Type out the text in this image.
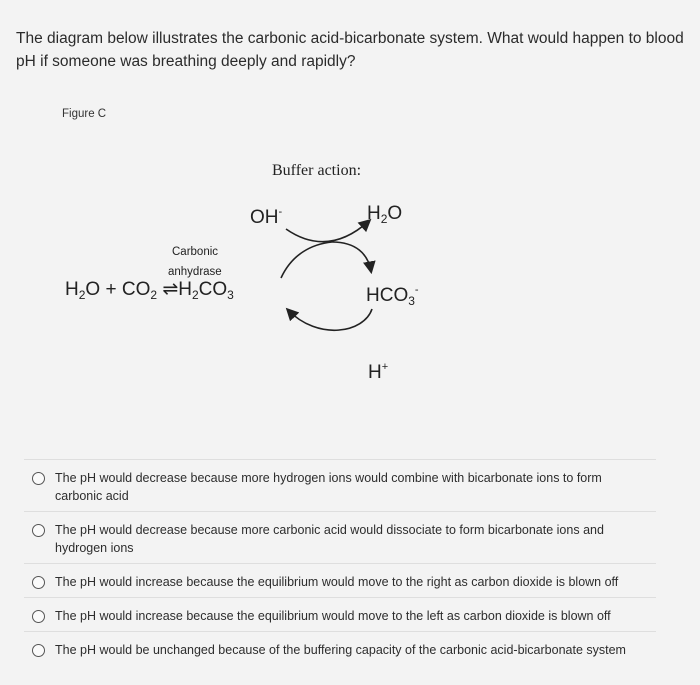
The diagram below illustrates the carbonic acid-bicarbonate system. What would happen to blood pH if someone was breathing deeply and rapidly?
Figure C
Buffer action:
OH-	$H_2O$
Carbonic
anhydrase
$H_2O + CO_2$ $\rightleftharpoons H_2CO_3$	$HCO_3^-$
H+
The pH would decrease because more hydrogen ions would combine with bicarbonate ions to form carbonic acid
The pH would decrease because more carbonic acid would dissociate to form bicarbonate ions and hydrogen ions
The pH would increase because the equilibrium would move to the right as carbon dioxide is blown off
The pH would increase because the equilibrium would move to the left as carbon dioxide is blown off
The pH would be unchanged because of the buffering capacity of the carbonic acid-bicarbonate system
